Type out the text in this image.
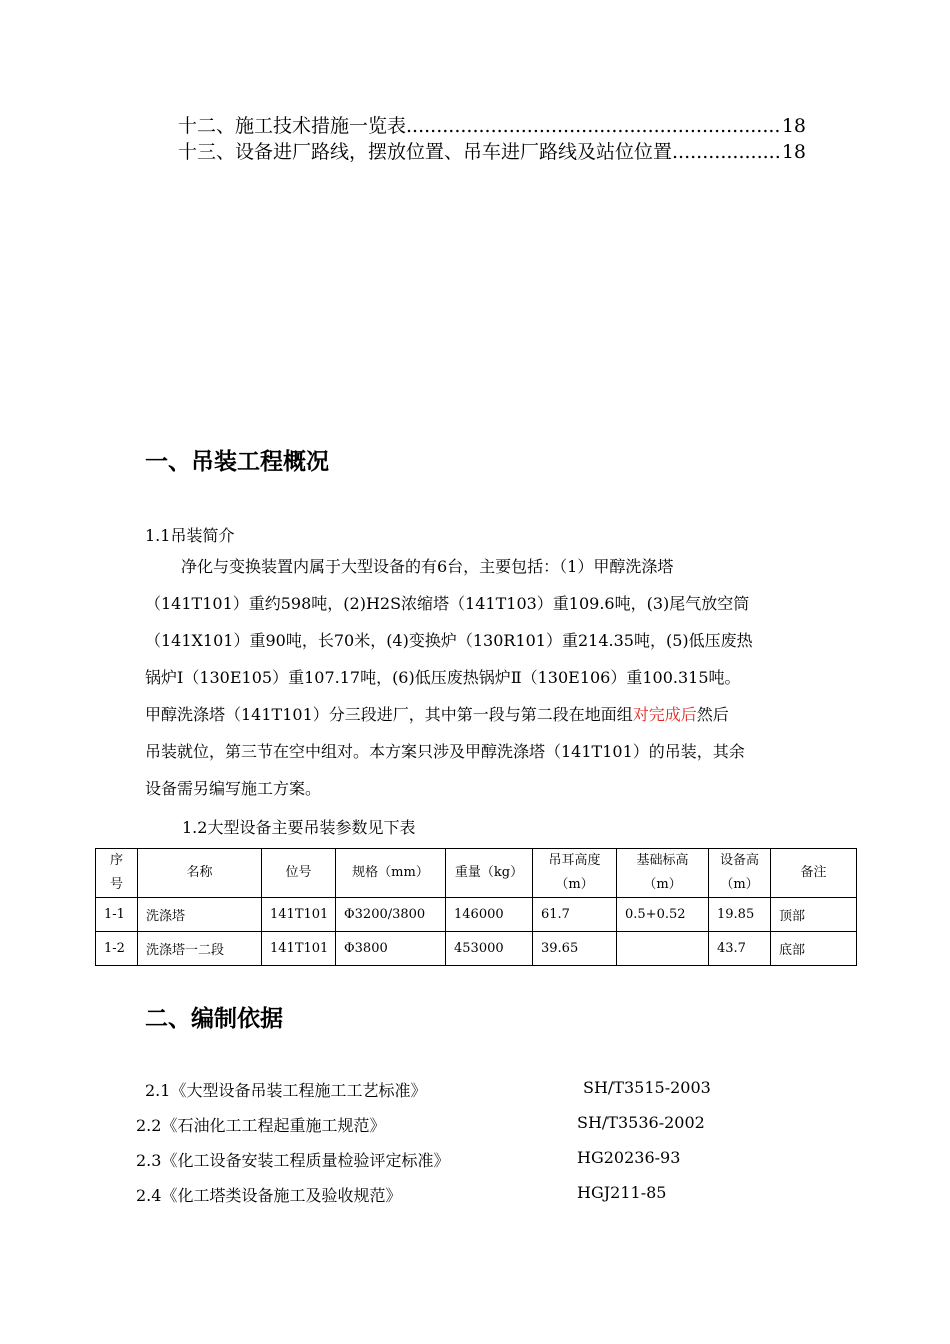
十二、施工技术措施一览表 .....	18
十三、设备进厂路线，摆放位置、吊车进厂路线及站位位置 .....	18
一、吊装工程概况
1.1吊装简介
净化与变换装置内属于大型设备的有6台，主要包括：（1）甲醇洗涤塔
（141T101）重约598吨，(2)H2S浓缩塔（141T103）重109.6吨，(3)尾气放空筒
（141X101）重90吨，长70米，(4)变换炉（130R101）重214.35吨，(5)低压废热
锅炉Ⅰ（130E105）重107.17吨，(6)低压废热锅炉Ⅱ（130E106）重100.315吨。
甲醇洗涤塔（141T101）分三段进厂，其中第一段与第二段在地面组对完成后然后
吊装就位，第三节在空中组对。本方案只涉及甲醇洗涤塔（141T101）的吊装，其余
设备需另编写施工方案。
1.2大型设备主要吊装参数见下表
序号	名称	位号	规格（mm）	重量（kg）	吊耳高度（m）	基础标高（m）	设备高（m）	备注
1-1	洗涤塔	141T101	Φ3200/3800	146000	61.7	0.5+0.52	19.85	顶部
1-2	洗涤塔一二段	141T101	Φ3800	453000	39.65		43.7	底部
二、编制依据
2.1《大型设备吊装工程施工工艺标准》	SH/T3515-2003
2.2《石油化工工程起重施工规范》	SH/T3536-2002
2.3《化工设备安装工程质量检验评定标准》	HG20236-93
2.4《化工塔类设备施工及验收规范》	HGJ211-85
